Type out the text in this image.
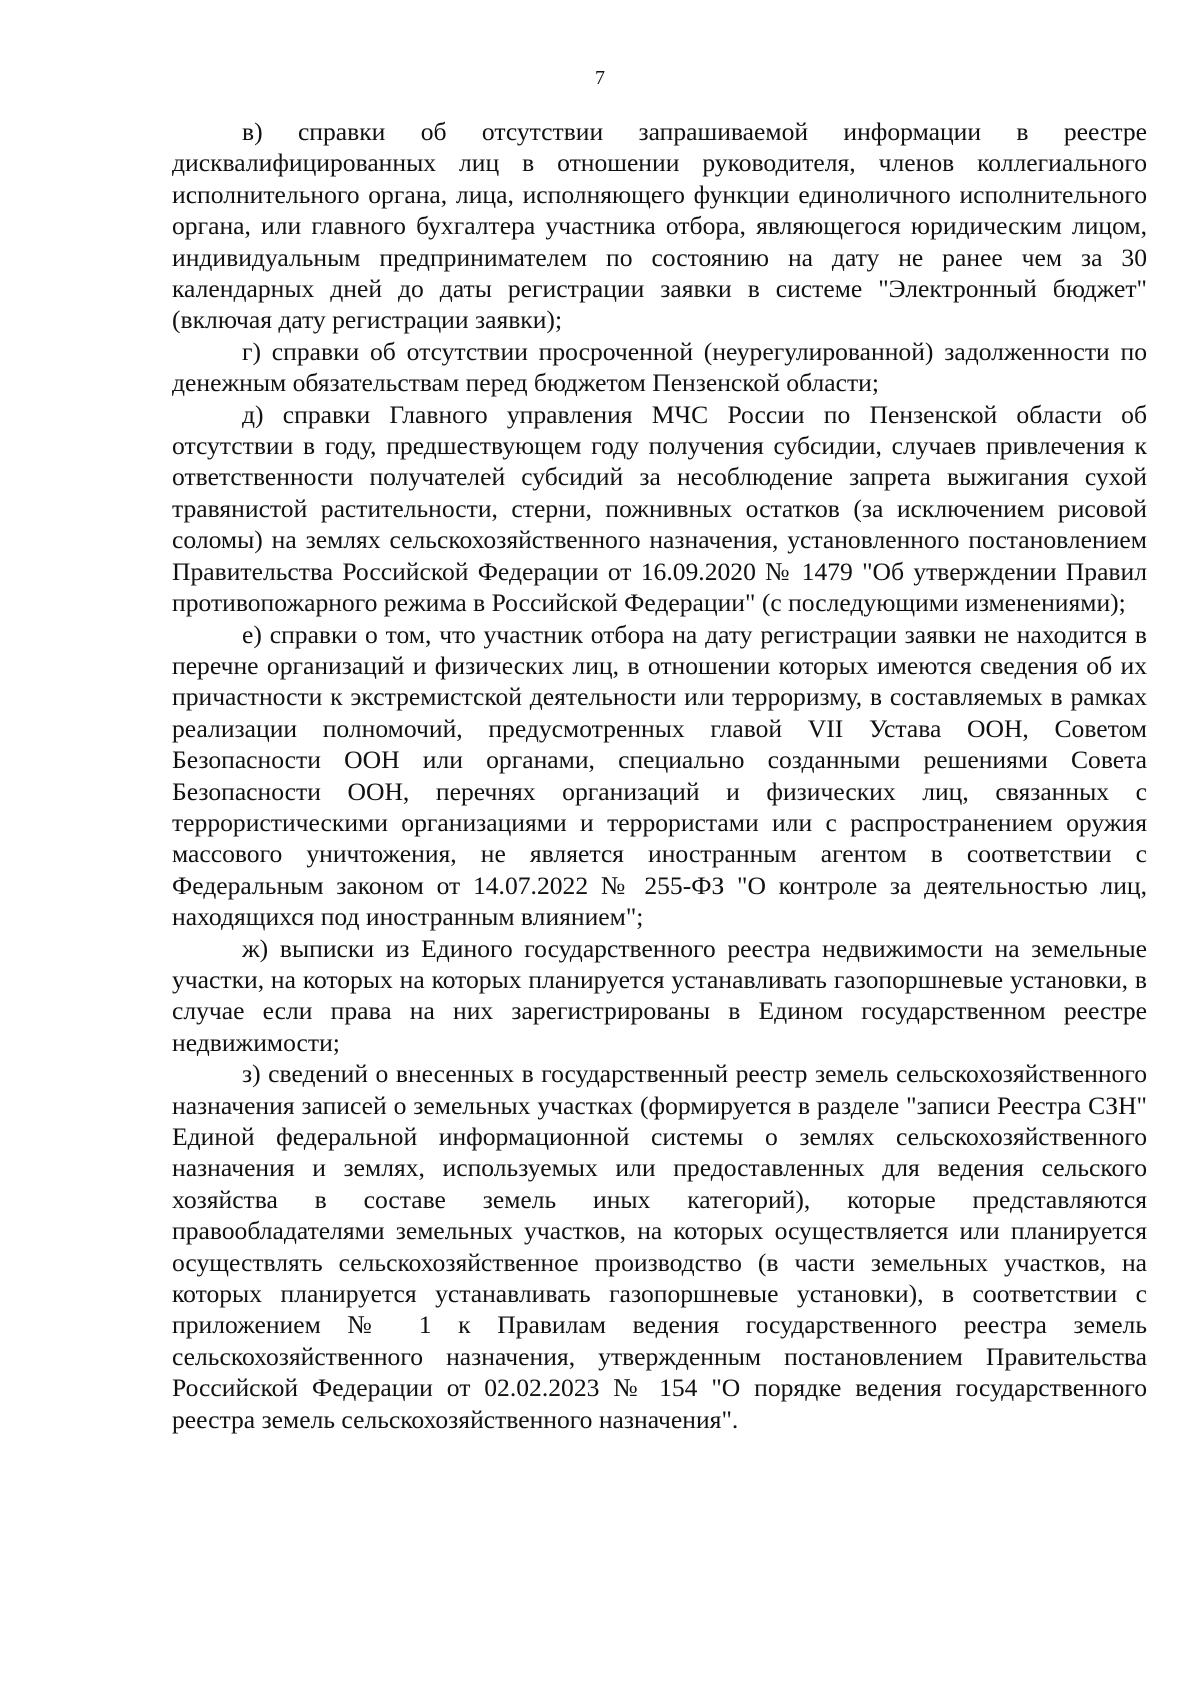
7

в) справки об отсутствии запрашиваемой информации в реестре дисквалифицированных лиц в отношении руководителя, членов коллегиального исполнительного органа, лица, исполняющего функции единоличного исполнительного органа, или главного бухгалтера участника отбора, являющегося юридическим лицом, индивидуальным предпринимателем по состоянию на дату не ранее чем за 30 календарных дней до даты регистрации заявки в системе "Электронный бюджет" (включая дату регистрации заявки);

г) справки об отсутствии просроченной (неурегулированной) задолженности по денежным обязательствам перед бюджетом Пензенской области;

д) справки Главного управления МЧС России по Пензенской области об отсутствии в году, предшествующем году получения субсидии, случаев привлечения к ответственности получателей субсидий за несоблюдение запрета выжигания сухой травянистой растительности, стерни, пожнивных остатков (за исключением рисовой соломы) на землях сельскохозяйственного назначения, установленного постановлением Правительства Российской Федерации от 16.09.2020 № 1479 "Об утверждении Правил противопожарного режима в Российской Федерации" (с последующими изменениями);

е) справки о том, что участник отбора на дату регистрации заявки не находится в перечне организаций и физических лиц, в отношении которых имеются сведения об их причастности к экстремистской деятельности или терроризму, в составляемых в рамках реализации полномочий, предусмотренных главой VII Устава ООН, Советом Безопасности ООН или органами, специально созданными решениями Совета Безопасности ООН, перечнях организаций и физических лиц, связанных с террористическими организациями и террористами или с распространением оружия массового уничтожения, не является иностранным агентом в соответствии с Федеральным законом от 14.07.2022 № 255-ФЗ "О контроле за деятельностью лиц, находящихся под иностранным влиянием";

ж) выписки из Единого государственного реестра недвижимости на земельные участки, на которых на которых планируется устанавливать газопоршневые установки, в случае если права на них зарегистрированы в Едином государственном реестре недвижимости;

з) сведений о внесенных в государственный реестр земель сельскохозяйственного назначения записей о земельных участках (формируется в разделе "записи Реестра СЗН" Единой федеральной информационной системы о землях сельскохозяйственного назначения и землях, используемых или предоставленных для ведения сельского хозяйства в составе земель иных категорий), которые представляются правообладателями земельных участков, на которых осуществляется или планируется осуществлять сельскохозяйственное производство (в части земельных участков, на которых планируется устанавливать газопоршневые установки), в соответствии с приложением № 1 к Правилам ведения государственного реестра земель сельскохозяйственного назначения, утвержденным постановлением Правительства Российской Федерации от 02.02.2023 № 154 "О порядке ведения государственного реестра земель сельскохозяйственного назначения".
